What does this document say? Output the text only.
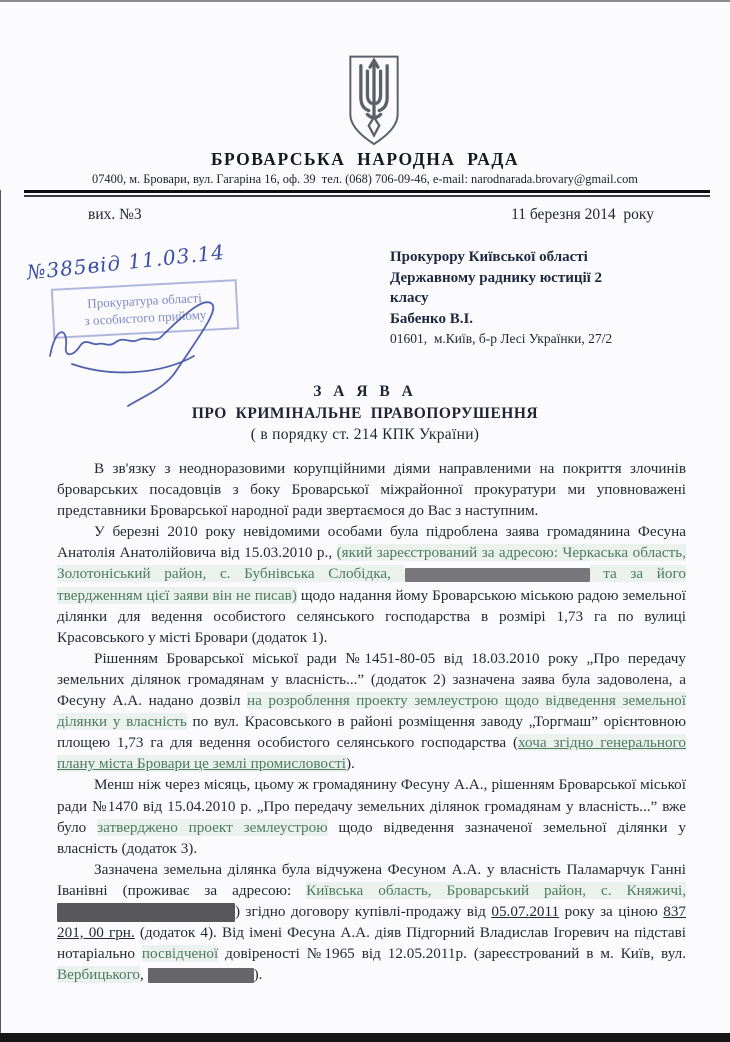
БРОВАРСЬКА  НАРОДНА  РАДА
07400, м. Бровари, вул. Гагаріна 16, оф. 39  тел. (068) 706-09-46, e-mail: narodnarada.brovary@gmail.com
вих. №3	11 березня 2014  року
№385від 11.03.14
Прокуратура області
з особистого прийому
Прокурору Київської області
Державному раднику юстиції 2
класу
Бабенко В.І.
01601,  м.Київ, б-р Лесі Українки, 27/2
З А Я В А
ПРО  КРИМІНАЛЬНЕ  ПРАВОПОРУШЕННЯ
( в порядку ст. 214 КПК України)

В зв'язку з неодноразовими корупційними діями направленими на покриття злочинів броварських посадовців з боку Броварської міжрайонної прокуратури ми уповноважені представники Броварської народної ради звертаємося до Вас з наступним.

У березні 2010 року невідомими особами була підроблена заява громадянина Фесуна Анатолія Анатолійовича від 15.03.2010 р., (який зареєстрований за адресою: Черкаська область, Золотоніський район, с. Бубнівська Слобідка,	та за його твердженням цієї заяви він не писав) щодо надання йому Броварською міською радою земельної ділянки для ведення особистого селянського господарства в розмірі 1,73 га по вулиці Красовського у місті Бровари (додаток 1).

Рішенням Броварської міської ради №1451-80-05 від 18.03.2010 року „Про передачу земельних ділянок громадянам у власність...” (додаток 2) зазначена заява була задоволена, а Фесуну А.А. надано дозвіл на розроблення проекту землеустрою щодо відведення земельної ділянки у власність по вул. Красовського в районі розміщення заводу „Торгмаш” орієнтовною площею 1,73 га для ведення особистого селянського господарства (хоча згідно генерального плану міста Бровари це землі промисловості).

Менш ніж через місяць, цьому ж громадянину Фесуну А.А., рішенням Броварської міської ради №1470 від 15.04.2010 р. „Про передачу земельних ділянок громадянам у власність...” вже було затверджено проект землеустрою щодо відведення зазначеної земельної ділянки у власність (додаток 3).

Зазначена земельна ділянка була відчужена Фесуном А.А. у власність Паламарчук Ганні Іванівні (проживає за адресою: Київська область, Броварський район, с. Княжичі, ) згідно договору купівлі-продажу від 05.07.2011 року за ціною 837 201, 00 грн. (додаток 4). Від імені Фесуна А.А. діяв Підгорний Владислав Ігоревич на підставі нотаріально посвідченої довіреності №1965 від 12.05.2011р. (зареєстрований в м. Київ, вул. Вербицького,	).
